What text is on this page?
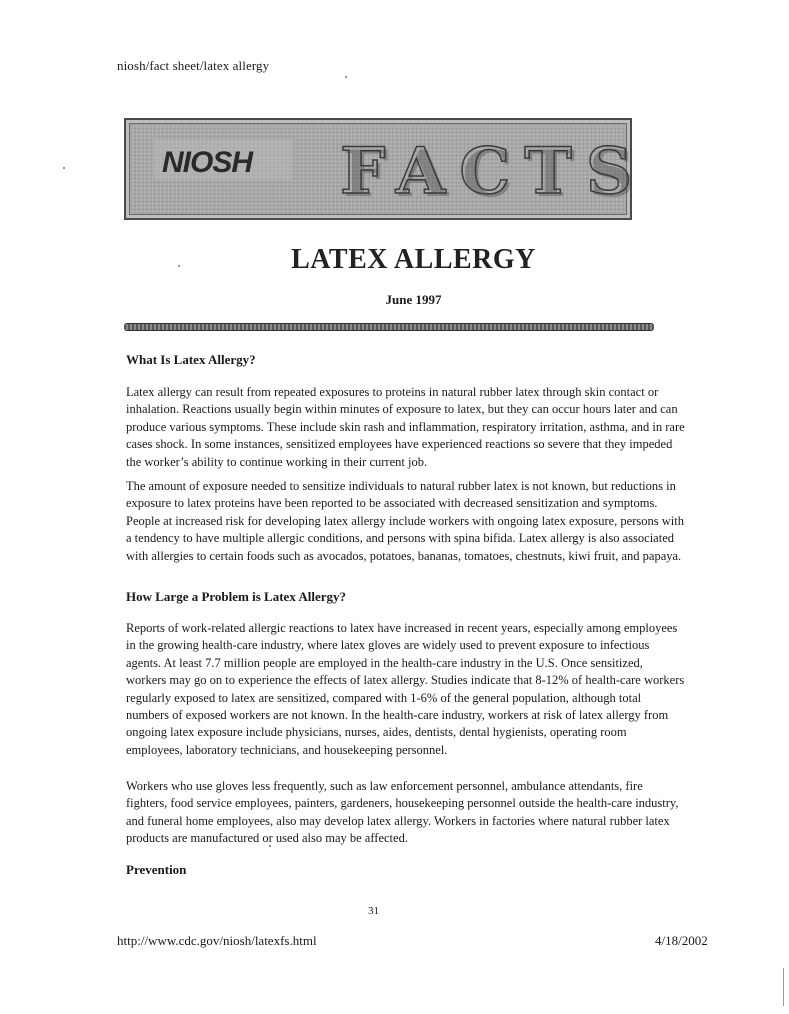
niosh/fact sheet/latex allergy
NIOSH FACTS
LATEX ALLERGY
June 1997
What Is Latex Allergy?
Latex allergy can result from repeated exposures to proteins in natural rubber latex through skin contact or inhalation. Reactions usually begin within minutes of exposure to latex, but they can occur hours later and can produce various symptoms. These include skin rash and inflammation, respiratory irritation, asthma, and in rare cases shock. In some instances, sensitized employees have experienced reactions so severe that they impeded the worker’s ability to continue working in their current job.
The amount of exposure needed to sensitize individuals to natural rubber latex is not known, but reductions in exposure to latex proteins have been reported to be associated with decreased sensitization and symptoms. People at increased risk for developing latex allergy include workers with ongoing latex exposure, persons with a tendency to have multiple allergic conditions, and persons with spina bifida. Latex allergy is also associated with allergies to certain foods such as avocados, potatoes, bananas, tomatoes, chestnuts, kiwi fruit, and papaya.
How Large a Problem is Latex Allergy?
Reports of work-related allergic reactions to latex have increased in recent years, especially among employees in the growing health-care industry, where latex gloves are widely used to prevent exposure to infectious agents. At least 7.7 million people are employed in the health-care industry in the U.S. Once sensitized, workers may go on to experience the effects of latex allergy. Studies indicate that 8-12% of health-care workers regularly exposed to latex are sensitized, compared with 1-6% of the general population, although total numbers of exposed workers are not known. In the health-care industry, workers at risk of latex allergy from ongoing latex exposure include physicians, nurses, aides, dentists, dental hygienists, operating room employees, laboratory technicians, and housekeeping personnel.
Workers who use gloves less frequently, such as law enforcement personnel, ambulance attendants, fire fighters, food service employees, painters, gardeners, housekeeping personnel outside the health-care industry, and funeral home employees, also may develop latex allergy. Workers in factories where natural rubber latex products are manufactured or used also may be affected.
Prevention
31
http://www.cdc.gov/niosh/latexfs.html	4/18/2002
